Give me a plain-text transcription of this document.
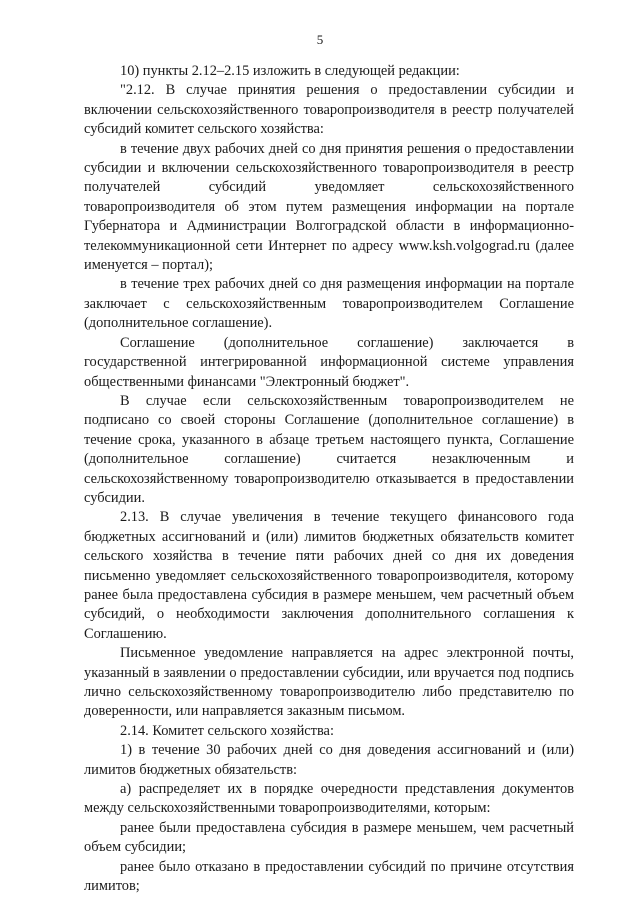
5

10) пункты 2.12–2.15 изложить в следующей редакции:

"2.12. В случае принятия решения о предоставлении субсидии и включении сельскохозяйственного товаропроизводителя в реестр получателей субсидий комитет сельского хозяйства:

в течение двух рабочих дней со дня принятия решения о предоставлении субсидии и включении сельскохозяйственного товаропроизводителя в реестр получателей субсидий уведомляет сельскохозяйственного товаропроизводителя об этом путем размещения информации на портале Губернатора и Администрации Волгоградской области в информационно-телекоммуникационной сети Интернет по адресу www.ksh.volgograd.ru (далее именуется – портал);

в течение трех рабочих дней со дня размещения информации на портале заключает с сельскохозяйственным товаропроизводителем Соглашение (дополнительное соглашение).

Соглашение (дополнительное соглашение) заключается в государственной интегрированной информационной системе управления общественными финансами "Электронный бюджет".

В случае если сельскохозяйственным товаропроизводителем не подписано со своей стороны Соглашение (дополнительное соглашение) в течение срока, указанного в абзаце третьем настоящего пункта, Соглашение (дополнительное соглашение) считается незаключенным и сельскохозяйственному товаропроизводителю отказывается в предоставлении субсидии.

2.13. В случае увеличения в течение текущего финансового года бюджетных ассигнований и (или) лимитов бюджетных обязательств комитет сельского хозяйства в течение пяти рабочих дней со дня их доведения письменно уведомляет сельскохозяйственного товаропроизводителя, которому ранее была предоставлена субсидия в размере меньшем, чем расчетный объем субсидий, о необходимости заключения дополнительного соглашения к Соглашению.

Письменное уведомление направляется на адрес электронной почты, указанный в заявлении о предоставлении субсидии, или вручается под подпись лично сельскохозяйственному товаропроизводителю либо представителю по доверенности, или направляется заказным письмом.

2.14. Комитет сельского хозяйства:

1) в течение 30 рабочих дней со дня доведения ассигнований и (или) лимитов бюджетных обязательств:

а) распределяет их в порядке очередности представления документов между сельскохозяйственными товаропроизводителями, которым:

ранее были предоставлена субсидия в размере меньшем, чем расчетный объем субсидии;

ранее было отказано в предоставлении субсидий по причине отсутствия лимитов;
